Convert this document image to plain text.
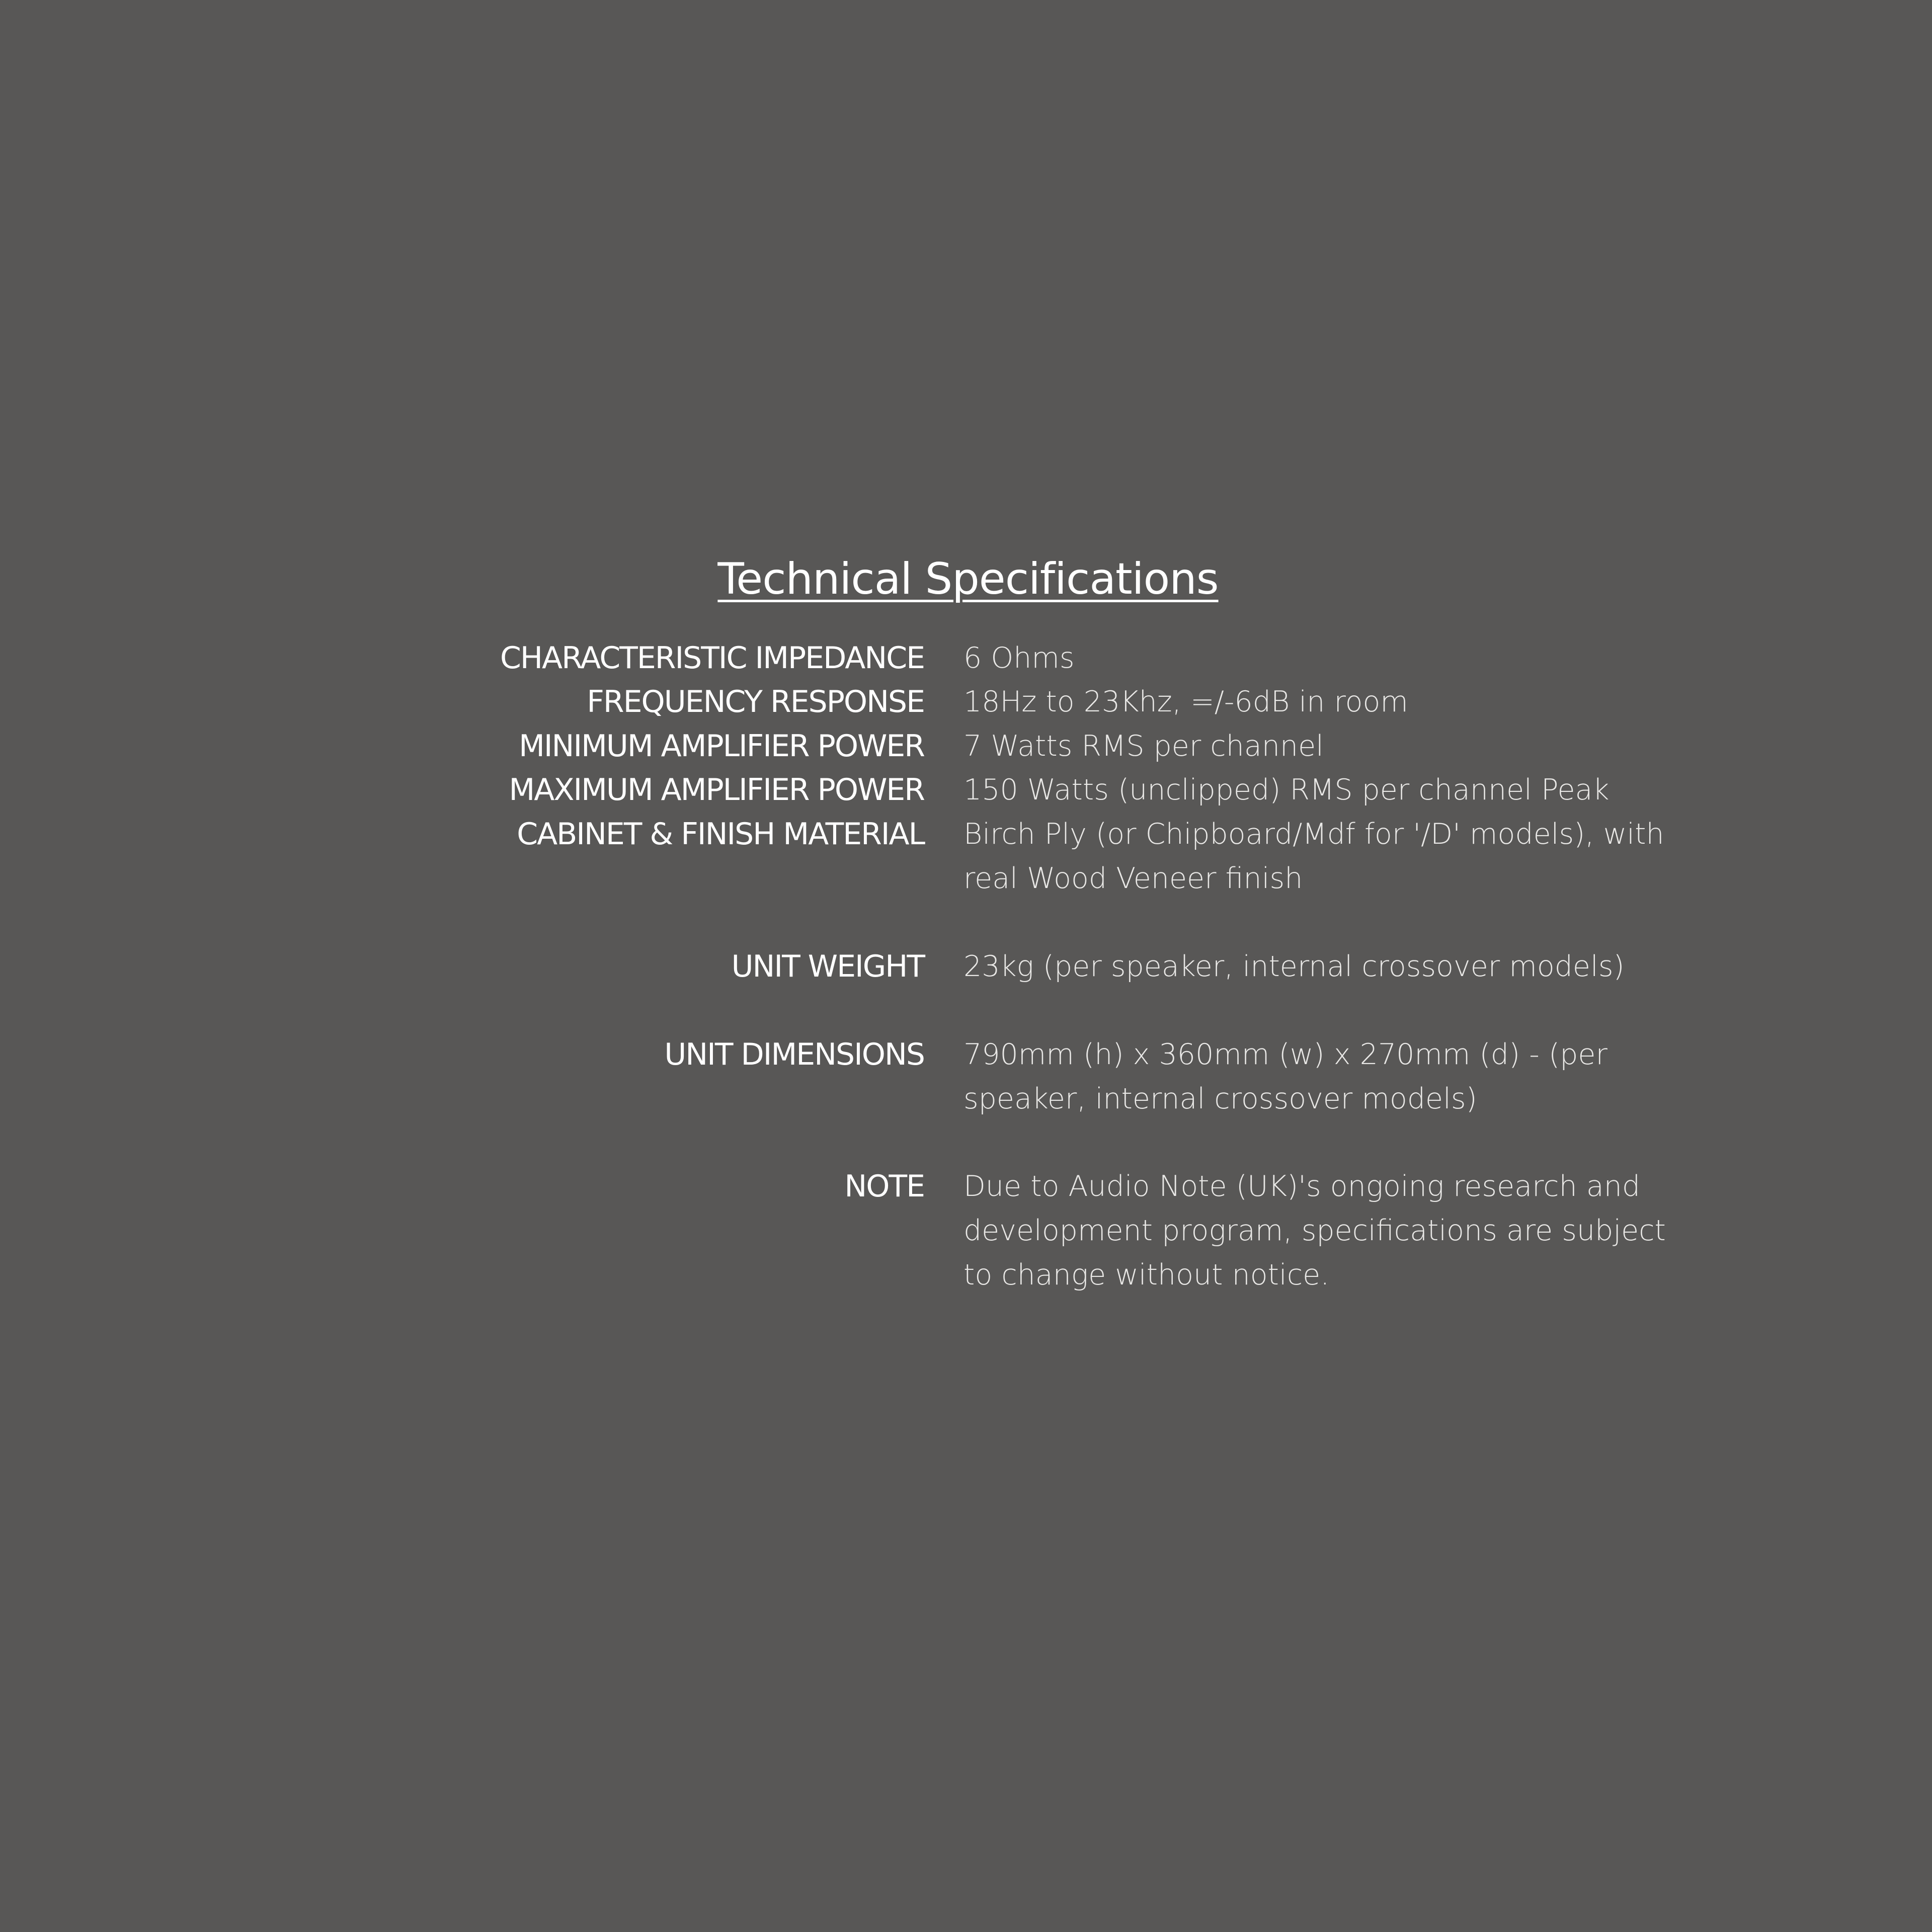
Technical Specifications
CHARACTERISTIC IMPEDANCE 6 Ohms
FREQUENCY RESPONSE 18Hz to 23Khz, =/-6dB in room
MINIMUM AMPLIFIER POWER 7 Watts RMS per channel
MAXIMUM AMPLIFIER POWER 150 Watts (unclipped) RMS per channel Peak
CABINET & FINISH MATERIAL Birch Ply (or Chipboard/Mdf for '/D' models), with real Wood Veneer finish
UNIT WEIGHT 23kg (per speaker, internal crossover models)
UNIT DIMENSIONS 790mm (h) x 360mm (w) x 270mm (d) - (per speaker, internal crossover models)
NOTE Due to Audio Note (UK)'s ongoing research and development program, specifications are subject to change without notice.
